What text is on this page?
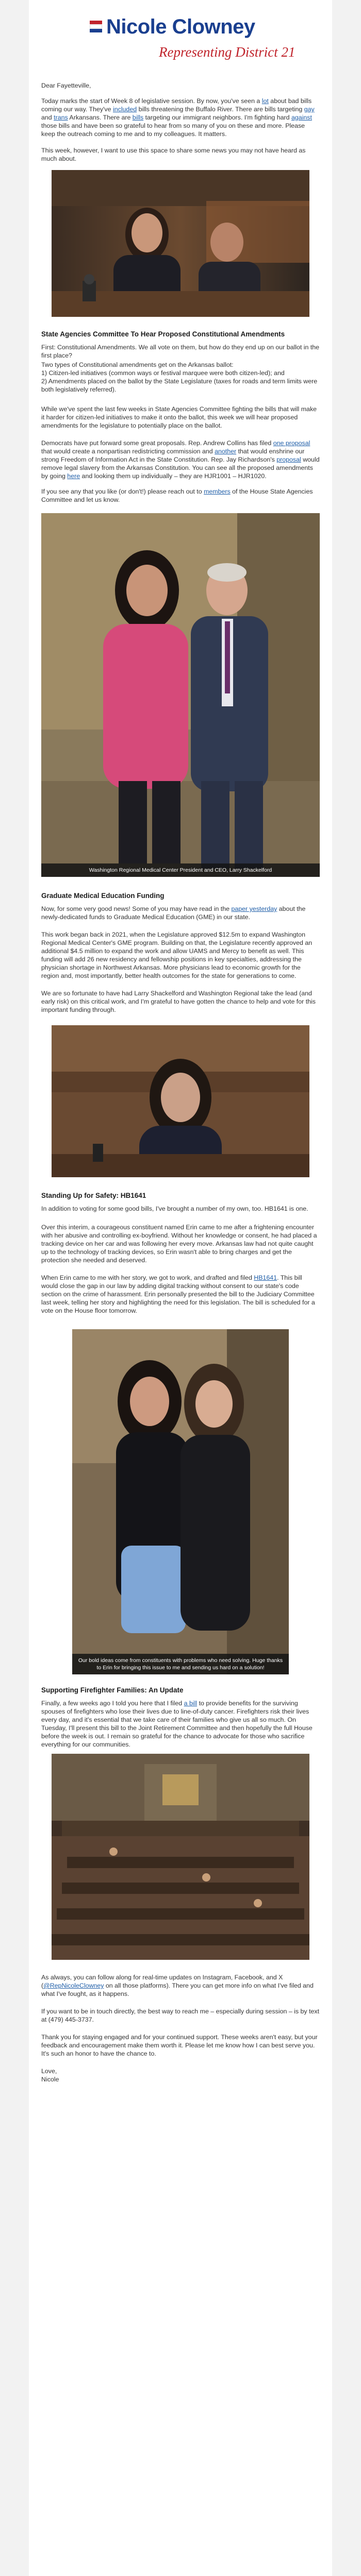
Nicole Clowney
Representing District 21

Dear Fayetteville,

Today marks the start of Week 8 of legislative session. By now, you've seen a lot about bad bills coming our way. They've included bills threatening the Buffalo River. There are bills targeting gay and trans Arkansans. There are bills targeting our immigrant neighbors. I'm fighting hard against those bills and have been so grateful to hear from so many of you on these and more. Please keep the outreach coming to me and to my colleagues. It matters.

This week, however, I want to use this space to share some news you may not have heard as much about.

State Agencies Committee To Hear Proposed Constitutional Amendments

First: Constitutional Amendments. We all vote on them, but how do they end up on our ballot in the first place?

Two types of Constitutional amendments get on the Arkansas ballot:

1) Citizen-led initiatives (common ways or festival marquee were both citizen-led); and

2) Amendments placed on the ballot by the State Legislature (taxes for roads and term limits were both legislatively referred).

While we've spent the last few weeks in State Agencies Committee fighting the bills that will make it harder for citizen-led initiatives to make it onto the ballot, this week we will hear proposed amendments for the legislature to potentially place on the ballot.

Democrats have put forward some great proposals. Rep. Andrew Collins has filed one proposal that would create a nonpartisan redistricting commission and another that would enshrine our strong Freedom of Information Act in the State Constitution. Rep. Jay Richardson's proposal would remove legal slavery from the Arkansas Constitution. You can see all the proposed amendments by going here and looking them up individually – they are HJR1001 – HJR1020.

If you see any that you like (or don't!) please reach out to members of the House State Agencies Committee and let us know.

Washington Regional Medical Center President and CEO, Larry Shackelford
Graduate Medical Education Funding

Now, for some very good news! Some of you may have read in the paper yesterday about the newly-dedicated funds to Graduate Medical Education (GME) in our state.

This work began back in 2021, when the Legislature approved $12.5m to expand Washington Regional Medical Center's GME program. Building on that, the Legislature recently approved an additional $4.5 million to expand the work and allow UAMS and Mercy to benefit as well. This funding will add 26 new residency and fellowship positions in key specialties, addressing the physician shortage in Northwest Arkansas. More physicians lead to economic growth for the region and, most importantly, better health outcomes for the state for generations to come.

We are so fortunate to have had Larry Shackelford and Washington Regional take the lead (and early risk) on this critical work, and I'm grateful to have gotten the chance to help and vote for this important funding through.

Standing Up for Safety: HB1641

In addition to voting for some good bills, I've brought a number of my own, too. HB1641 is one.

Over this interim, a courageous constituent named Erin came to me after a frightening encounter with her abusive and controlling ex-boyfriend. Without her knowledge or consent, he had placed a tracking device on her car and was following her every move. Arkansas law had not quite caught up to the technology of tracking devices, so Erin wasn't able to bring charges and get the protection she needed and deserved.

When Erin came to me with her story, we got to work, and drafted and filed HB1641. This bill would close the gap in our law by adding digital tracking without consent to our state's code section on the crime of harassment. Erin personally presented the bill to the Judiciary Committee last week, telling her story and highlighting the need for this legislation. The bill is scheduled for a vote on the House floor tomorrow.

Our bold ideas come from constituents with problems who need solving. Huge thanks to Erin for bringing this issue to me and sending us hard on a solution!
Supporting Firefighter Families: An Update

Finally, a few weeks ago I told you here that I filed a bill to provide benefits for the surviving spouses of firefighters who lose their lives due to line-of-duty cancer. Firefighters risk their lives every day, and it's essential that we take care of their families who give us all so much. On Tuesday, I'll present this bill to the Joint Retirement Committee and then hopefully the full House before the week is out. I remain so grateful for the chance to advocate for those who sacrifice everything for our communities.

As always, you can follow along for real-time updates on Instagram, Facebook, and X (@RepNicoleClowney on all those platforms). There you can get more info on what I've filed and what I've fought, as it happens.

If you want to be in touch directly, the best way to reach me – especially during session – is by text at (479) 445-3737.

Thank you for staying engaged and for your continued support. These weeks aren't easy, but your feedback and encouragement make them worth it. Please let me know how I can best serve you. It's such an honor to have the chance to.

Love,

Nicole
